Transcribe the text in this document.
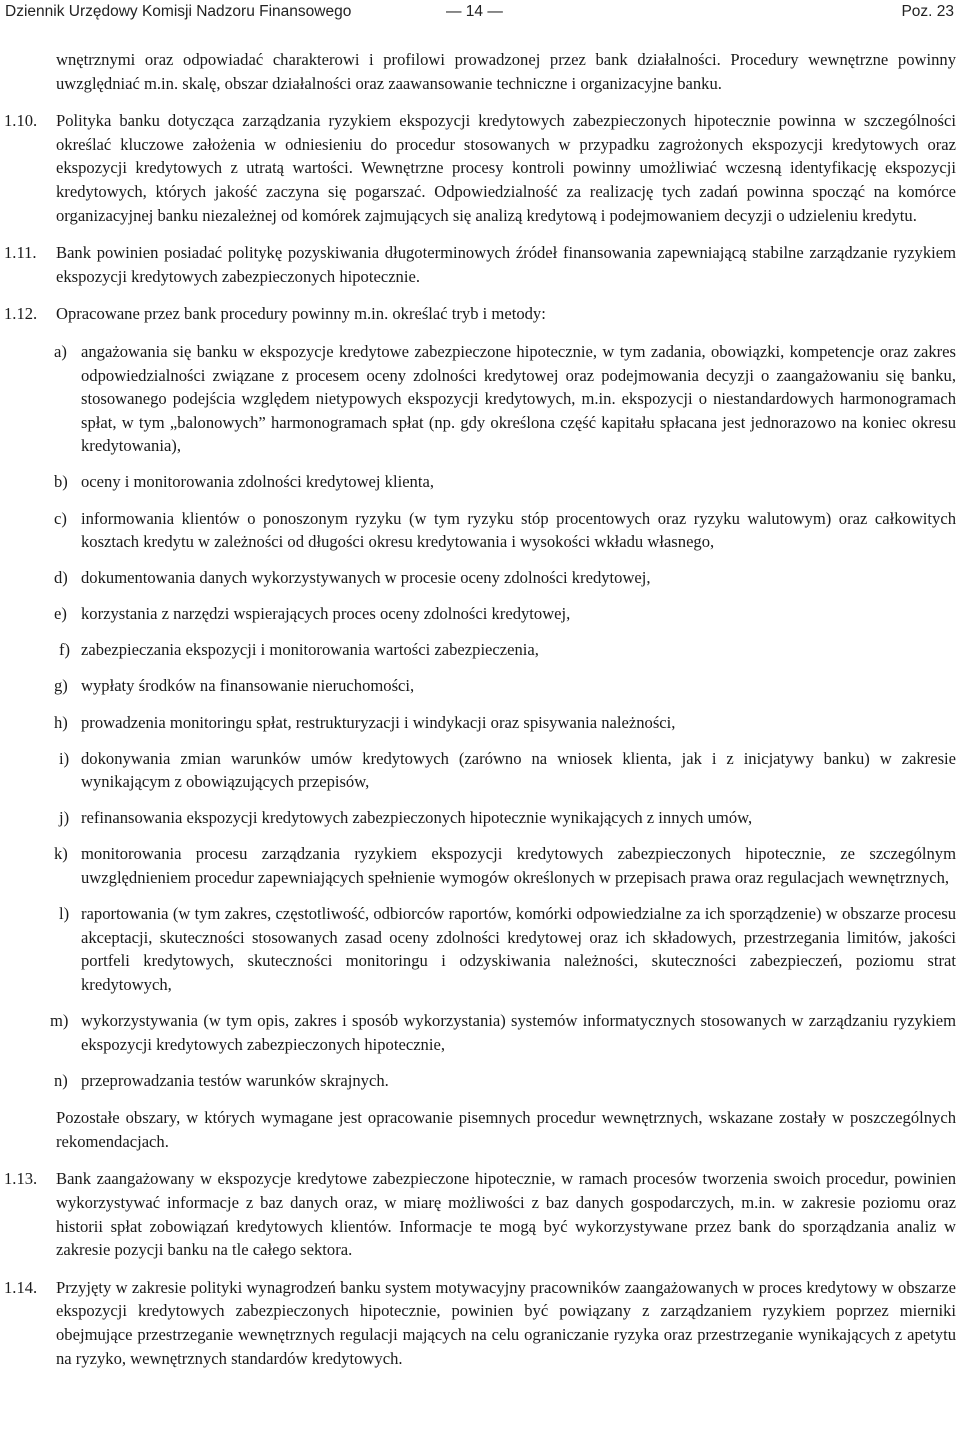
Dziennik Urzędowy Komisji Nadzoru Finansowego	— 14 —	Poz. 23

wnętrznymi oraz odpowiadać charakterowi i profilowi prowadzonej przez bank działalności. Procedury wewnętrzne powinny uwzględniać m.in. skalę, obszar działalności oraz zaawansowanie techniczne i organizacyjne banku.

1.10. Polityka banku dotycząca zarządzania ryzykiem ekspozycji kredytowych zabezpieczonych hipotecznie powinna w szczególności określać kluczowe założenia w odniesieniu do procedur stosowanych w przypadku zagrożonych ekspozycji kredytowych oraz ekspozycji kredytowych z utratą wartości. Wewnętrzne procesy kontroli powinny umożliwiać wczesną identyfikację ekspozycji kredytowych, których jakość zaczyna się pogarszać. Odpowiedzialność za realizację tych zadań powinna spocząć na komórce organizacyjnej banku niezależnej od komórek zajmujących się analizą kredytową i podejmowaniem decyzji o udzieleniu kredytu.
1.11. Bank powinien posiadać politykę pozyskiwania długoterminowych źródeł finansowania zapewniającą stabilne zarządzanie ryzykiem ekspozycji kredytowych zabezpieczonych hipotecznie.
1.12. Opracowane przez bank procedury powinny m.in. określać tryb i metody:
a) angażowania się banku w ekspozycje kredytowe zabezpieczone hipotecznie, w tym zadania, obowiązki, kompetencje oraz zakres odpowiedzialności związane z procesem oceny zdolności kredytowej oraz podejmowania decyzji o zaangażowaniu się banku, stosowanego podejścia względem nietypowych ekspozycji kredytowych, m.in. ekspozycji o niestandardowych harmonogramach spłat, w tym „balonowych” harmonogramach spłat (np. gdy określona część kapitału spłacana jest jednorazowo na koniec okresu kredytowania),
b) oceny i monitorowania zdolności kredytowej klienta,
c) informowania klientów o ponoszonym ryzyku (w tym ryzyku stóp procentowych oraz ryzyku walutowym) oraz całkowitych kosztach kredytu w zależności od długości okresu kredytowania i wysokości wkładu własnego,
d) dokumentowania danych wykorzystywanych w procesie oceny zdolności kredytowej,
e) korzystania z narzędzi wspierających proces oceny zdolności kredytowej,
f) zabezpieczania ekspozycji i monitorowania wartości zabezpieczenia,
g) wypłaty środków na finansowanie nieruchomości,
h) prowadzenia monitoringu spłat, restrukturyzacji i windykacji oraz spisywania należności,
i) dokonywania zmian warunków umów kredytowych (zarówno na wniosek klienta, jak i z inicjatywy banku) w zakresie wynikającym z obowiązujących przepisów,
j) refinansowania ekspozycji kredytowych zabezpieczonych hipotecznie wynikających z innych umów,
k) monitorowania procesu zarządzania ryzykiem ekspozycji kredytowych zabezpieczonych hipotecznie, ze szczególnym uwzględnieniem procedur zapewniających spełnienie wymogów określonych w przepisach prawa oraz regulacjach wewnętrznych,
l) raportowania (w tym zakres, częstotliwość, odbiorców raportów, komórki odpowiedzialne za ich sporządzenie) w obszarze procesu akceptacji, skuteczności stosowanych zasad oceny zdolności kredytowej oraz ich składowych, przestrzegania limitów, jakości portfeli kredytowych, skuteczności monitoringu i odzyskiwania należności, skuteczności zabezpieczeń, poziomu strat kredytowych,
m) wykorzystywania (w tym opis, zakres i sposób wykorzystania) systemów informatycznych stosowanych w zarządzaniu ryzykiem ekspozycji kredytowych zabezpieczonych hipotecznie,
n) przeprowadzania testów warunków skrajnych.

Pozostałe obszary, w których wymagane jest opracowanie pisemnych procedur wewnętrznych, wskazane zostały w poszczególnych rekomendacjach.

1.13. Bank zaangażowany w ekspozycje kredytowe zabezpieczone hipotecznie, w ramach procesów tworzenia swoich procedur, powinien wykorzystywać informacje z baz danych oraz, w miarę możliwości z baz danych gospodarczych, m.in. w zakresie poziomu oraz historii spłat zobowiązań kredytowych klientów. Informacje te mogą być wykorzystywane przez bank do sporządzania analiz w zakresie pozycji banku na tle całego sektora.
1.14. Przyjęty w zakresie polityki wynagrodzeń banku system motywacyjny pracowników zaangażowanych w proces kredytowy w obszarze ekspozycji kredytowych zabezpieczonych hipotecznie, powinien być powiązany z zarządzaniem ryzykiem poprzez mierniki obejmujące przestrzeganie wewnętrznych regulacji mających na celu ograniczanie ryzyka oraz przestrzeganie wynikających z apetytu na ryzyko, wewnętrznych standardów kredytowych.
